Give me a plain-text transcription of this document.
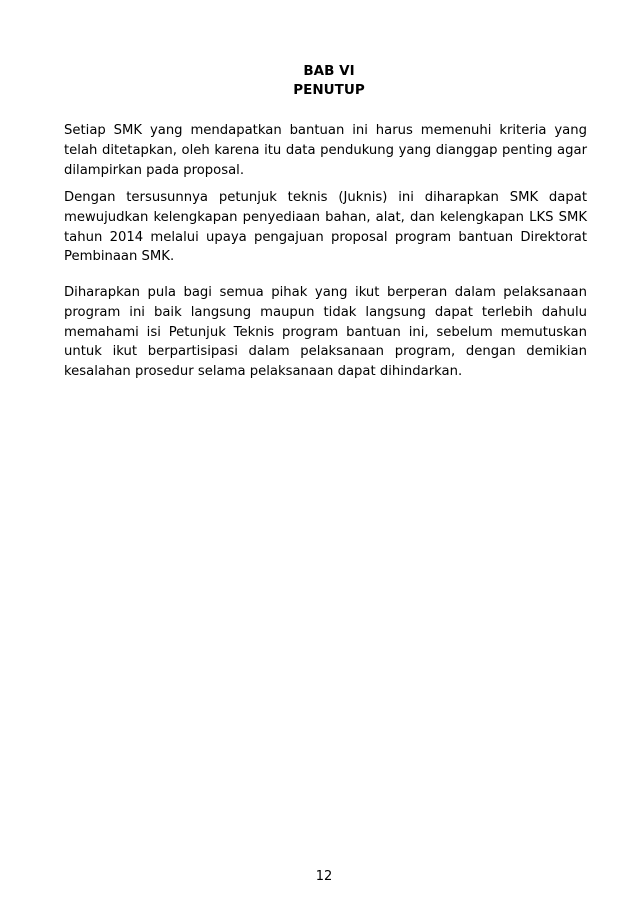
BAB VI
PENUTUP

Setiap SMK yang mendapatkan bantuan ini harus memenuhi kriteria yang telah ditetapkan, oleh karena itu data pendukung yang dianggap penting agar dilampirkan pada proposal.

Dengan tersusunnya petunjuk teknis (Juknis) ini diharapkan SMK dapat mewujudkan kelengkapan penyediaan bahan, alat, dan kelengkapan LKS SMK tahun 2014 melalui upaya pengajuan proposal program bantuan Direktorat Pembinaan SMK.

Diharapkan pula bagi semua pihak yang ikut berperan dalam pelaksanaan program ini baik langsung maupun tidak langsung dapat terlebih dahulu memahami isi Petunjuk Teknis program bantuan ini, sebelum memutuskan untuk ikut berpartisipasi dalam pelaksanaan program, dengan demikian kesalahan prosedur selama pelaksanaan dapat dihindarkan.

12
